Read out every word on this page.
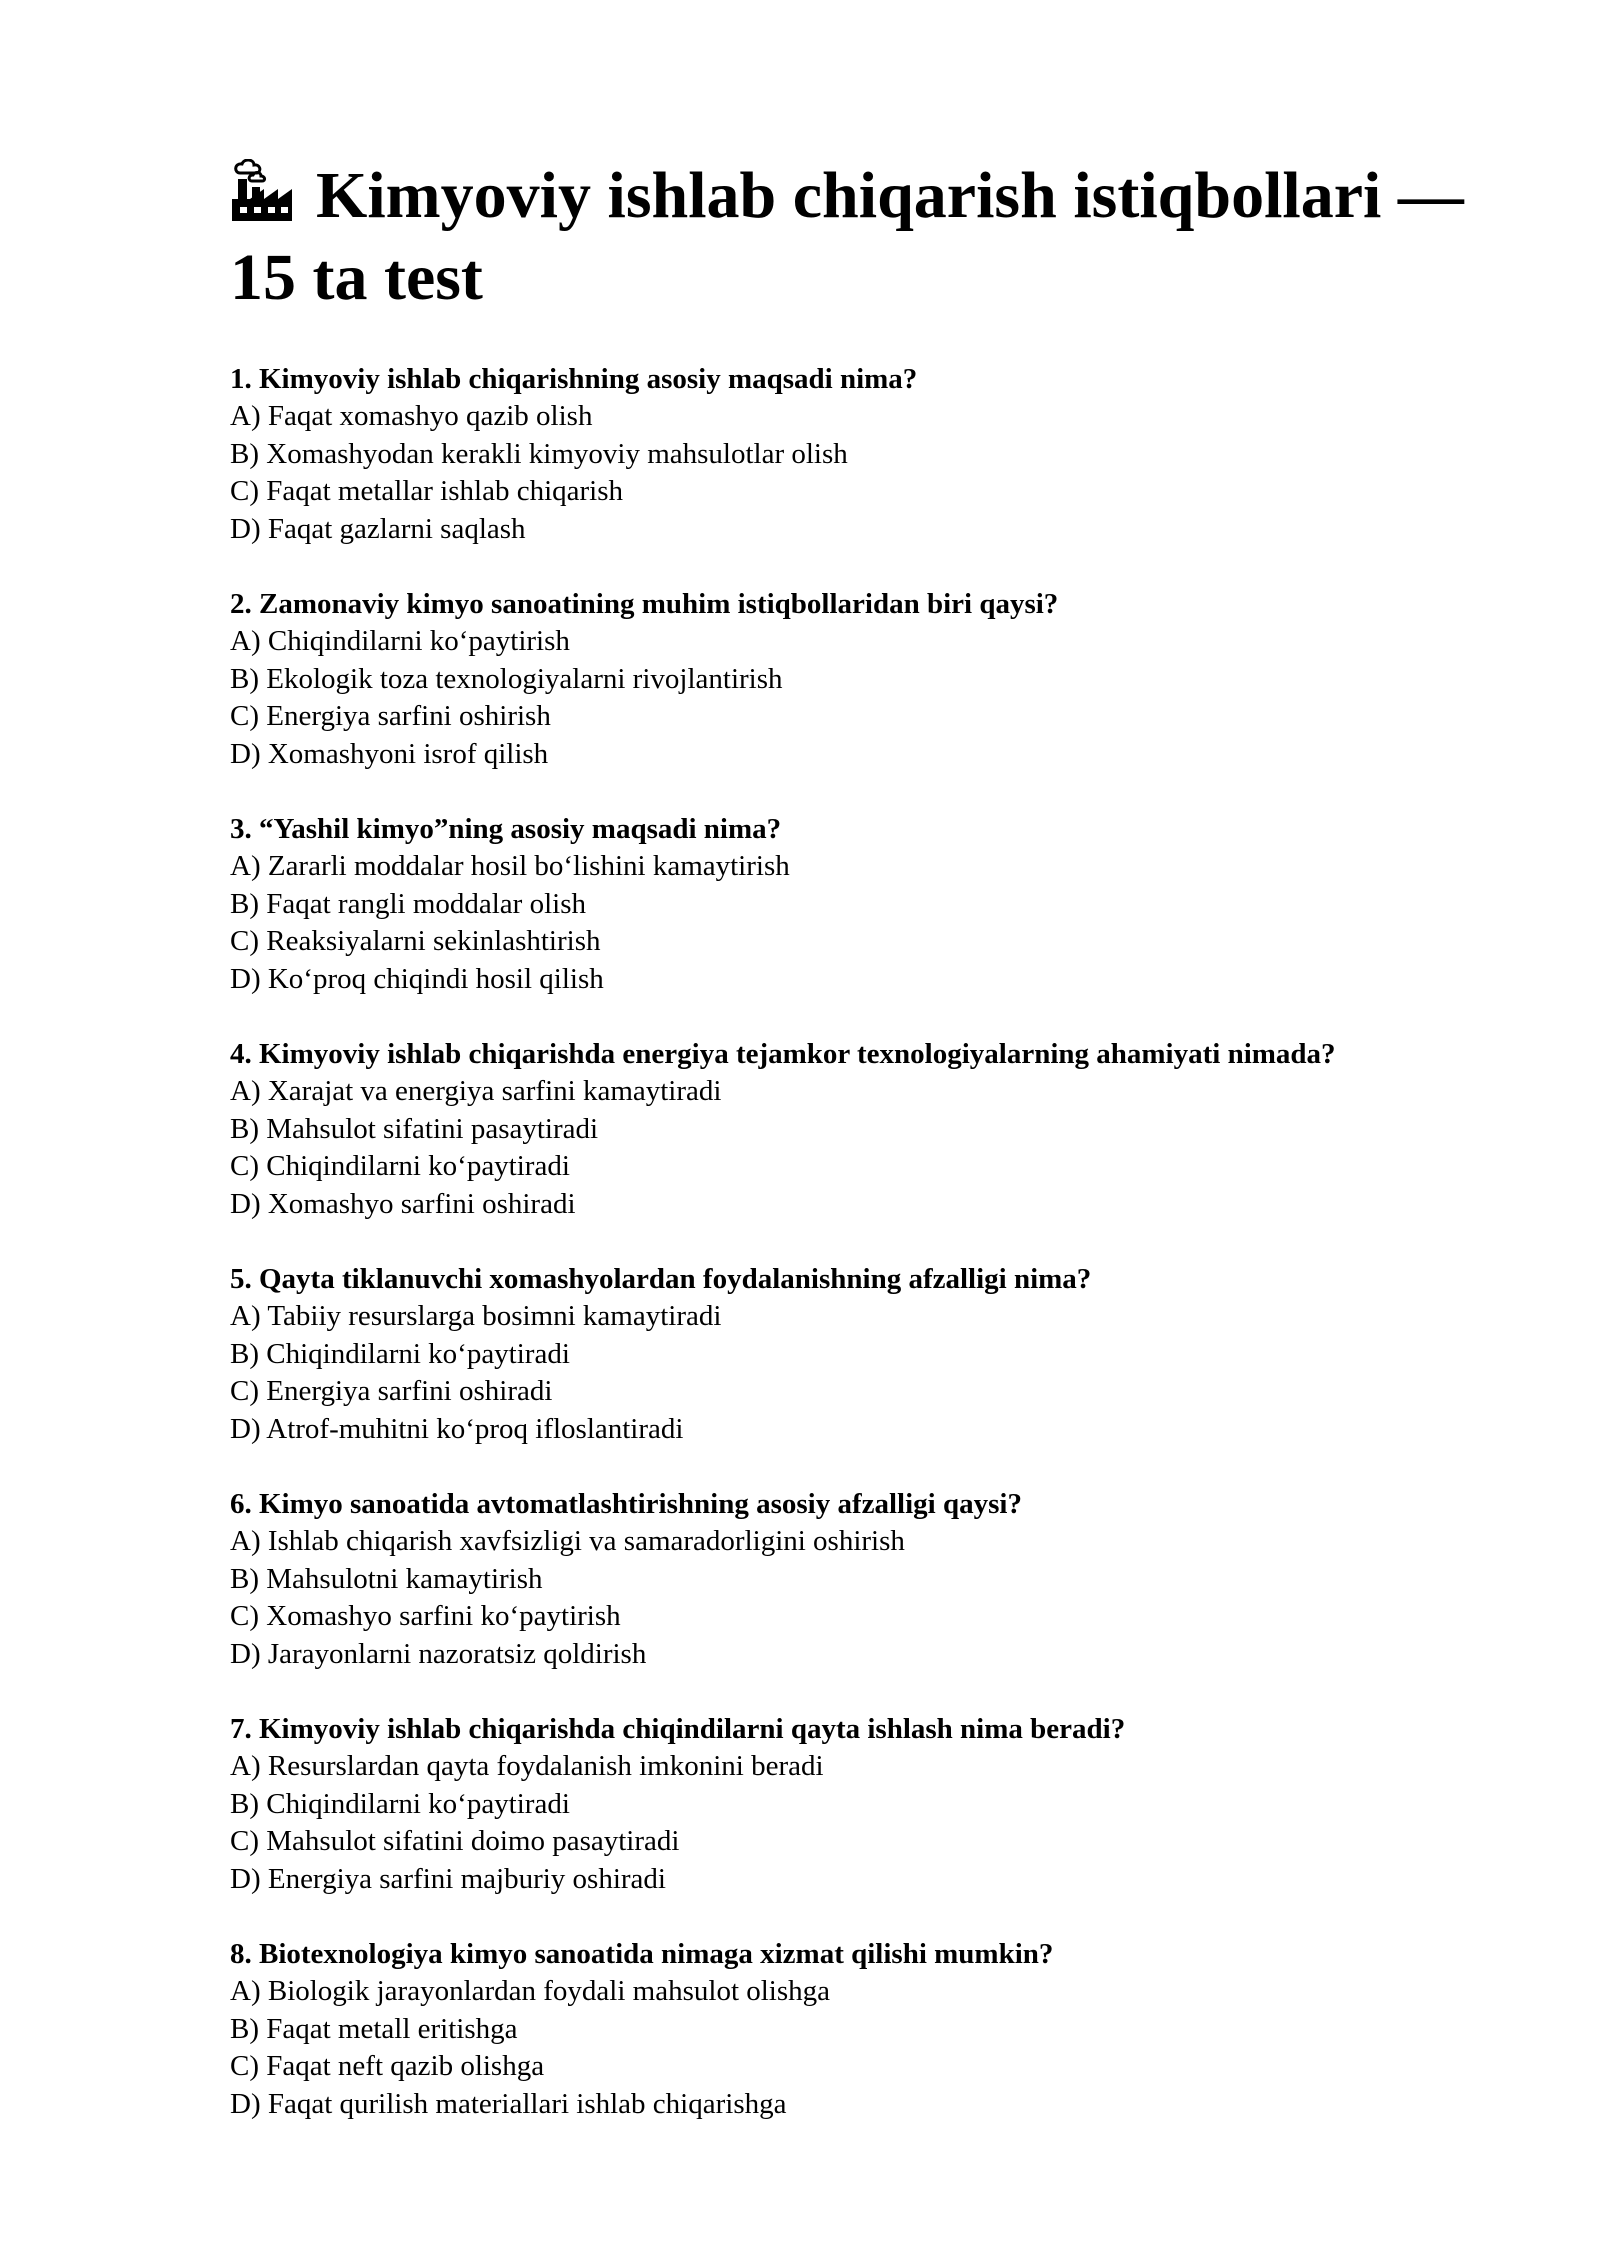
Kimyoviy ishlab chiqarish istiqbollari — 15 ta test
1. Kimyoviy ishlab chiqarishning asosiy maqsadi nima?
A) Faqat xomashyo qazib olish
B) Xomashyodan kerakli kimyoviy mahsulotlar olish
C) Faqat metallar ishlab chiqarish
D) Faqat gazlarni saqlash
2. Zamonaviy kimyo sanoatining muhim istiqbollaridan biri qaysi?
A) Chiqindilarni ko‘paytirish
B) Ekologik toza texnologiyalarni rivojlantirish
C) Energiya sarfini oshirish
D) Xomashyoni isrof qilish
3. “Yashil kimyo”ning asosiy maqsadi nima?
A) Zararli moddalar hosil bo‘lishini kamaytirish
B) Faqat rangli moddalar olish
C) Reaksiyalarni sekinlashtirish
D) Ko‘proq chiqindi hosil qilish
4. Kimyoviy ishlab chiqarishda energiya tejamkor texnologiyalarning ahamiyati nimada?
A) Xarajat va energiya sarfini kamaytiradi
B) Mahsulot sifatini pasaytiradi
C) Chiqindilarni ko‘paytiradi
D) Xomashyo sarfini oshiradi
5. Qayta tiklanuvchi xomashyolardan foydalanishning afzalligi nima?
A) Tabiiy resurslarga bosimni kamaytiradi
B) Chiqindilarni ko‘paytiradi
C) Energiya sarfini oshiradi
D) Atrof-muhitni ko‘proq ifloslantiradi
6. Kimyo sanoatida avtomatlashtirishning asosiy afzalligi qaysi?
A) Ishlab chiqarish xavfsizligi va samaradorligini oshirish
B) Mahsulotni kamaytirish
C) Xomashyo sarfini ko‘paytirish
D) Jarayonlarni nazoratsiz qoldirish
7. Kimyoviy ishlab chiqarishda chiqindilarni qayta ishlash nima beradi?
A) Resurslardan qayta foydalanish imkonini beradi
B) Chiqindilarni ko‘paytiradi
C) Mahsulot sifatini doimo pasaytiradi
D) Energiya sarfini majburiy oshiradi
8. Biotexnologiya kimyo sanoatida nimaga xizmat qilishi mumkin?
A) Biologik jarayonlardan foydali mahsulot olishga
B) Faqat metall eritishga
C) Faqat neft qazib olishga
D) Faqat qurilish materiallari ishlab chiqarishga
